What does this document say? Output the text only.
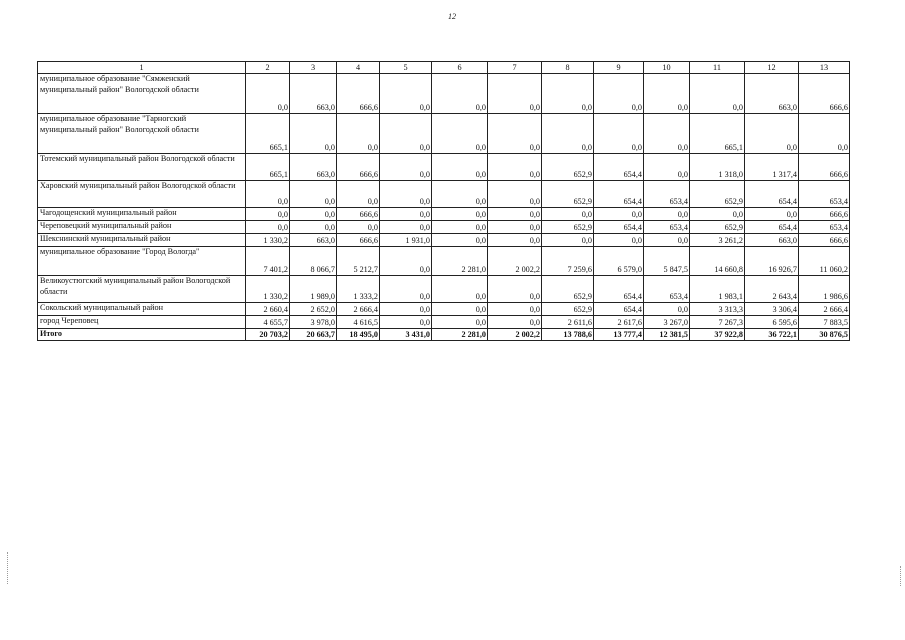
12
1	2	3	4	5	6	7	8	9	10	11	12	13
муниципальное образование "Сямженский муниципальный район" Вологодской области	0,0	663,0	666,6	0,0	0,0	0,0	0,0	0,0	0,0	0,0	663,0	666,6
муниципальное образование "Тарногский муниципальный район" Вологодской области	665,1	0,0	0,0	0,0	0,0	0,0	0,0	0,0	0,0	665,1	0,0	0,0
Тотемский муниципальный район Вологодской области	665,1	663,0	666,6	0,0	0,0	0,0	652,9	654,4	0,0	1 318,0	1 317,4	666,6
Харовский муниципальный район Вологодской области	0,0	0,0	0,0	0,0	0,0	0,0	652,9	654,4	653,4	652,9	654,4	653,4
Чагодощенский муниципальный район	0,0	0,0	666,6	0,0	0,0	0,0	0,0	0,0	0,0	0,0	0,0	666,6
Череповецкий муниципальный район	0,0	0,0	0,0	0,0	0,0	0,0	652,9	654,4	653,4	652,9	654,4	653,4
Шекснинский муниципальный район	1 330,2	663,0	666,6	1 931,0	0,0	0,0	0,0	0,0	0,0	3 261,2	663,0	666,6
муниципальное образование "Город Вологда"	7 401,2	8 066,7	5 212,7	0,0	2 281,0	2 002,2	7 259,6	6 579,0	5 847,5	14 660,8	16 926,7	11 060,2
Великоустюгский муниципальный район Вологодской области	1 330,2	1 989,0	1 333,2	0,0	0,0	0,0	652,9	654,4	653,4	1 983,1	2 643,4	1 986,6
Сокольский муниципальный район	2 660,4	2 652,0	2 666,4	0,0	0,0	0,0	652,9	654,4	0,0	3 313,3	3 306,4	2 666,4
город Череповец	4 655,7	3 978,0	4 616,5	0,0	0,0	0,0	2 611,6	2 617,6	3 267,0	7 267,3	6 595,6	7 883,5
Итого	20 703,2	20 663,7	18 495,0	3 431,0	2 281,0	2 002,2	13 788,6	13 777,4	12 381,5	37 922,8	36 722,1	30 876,5
